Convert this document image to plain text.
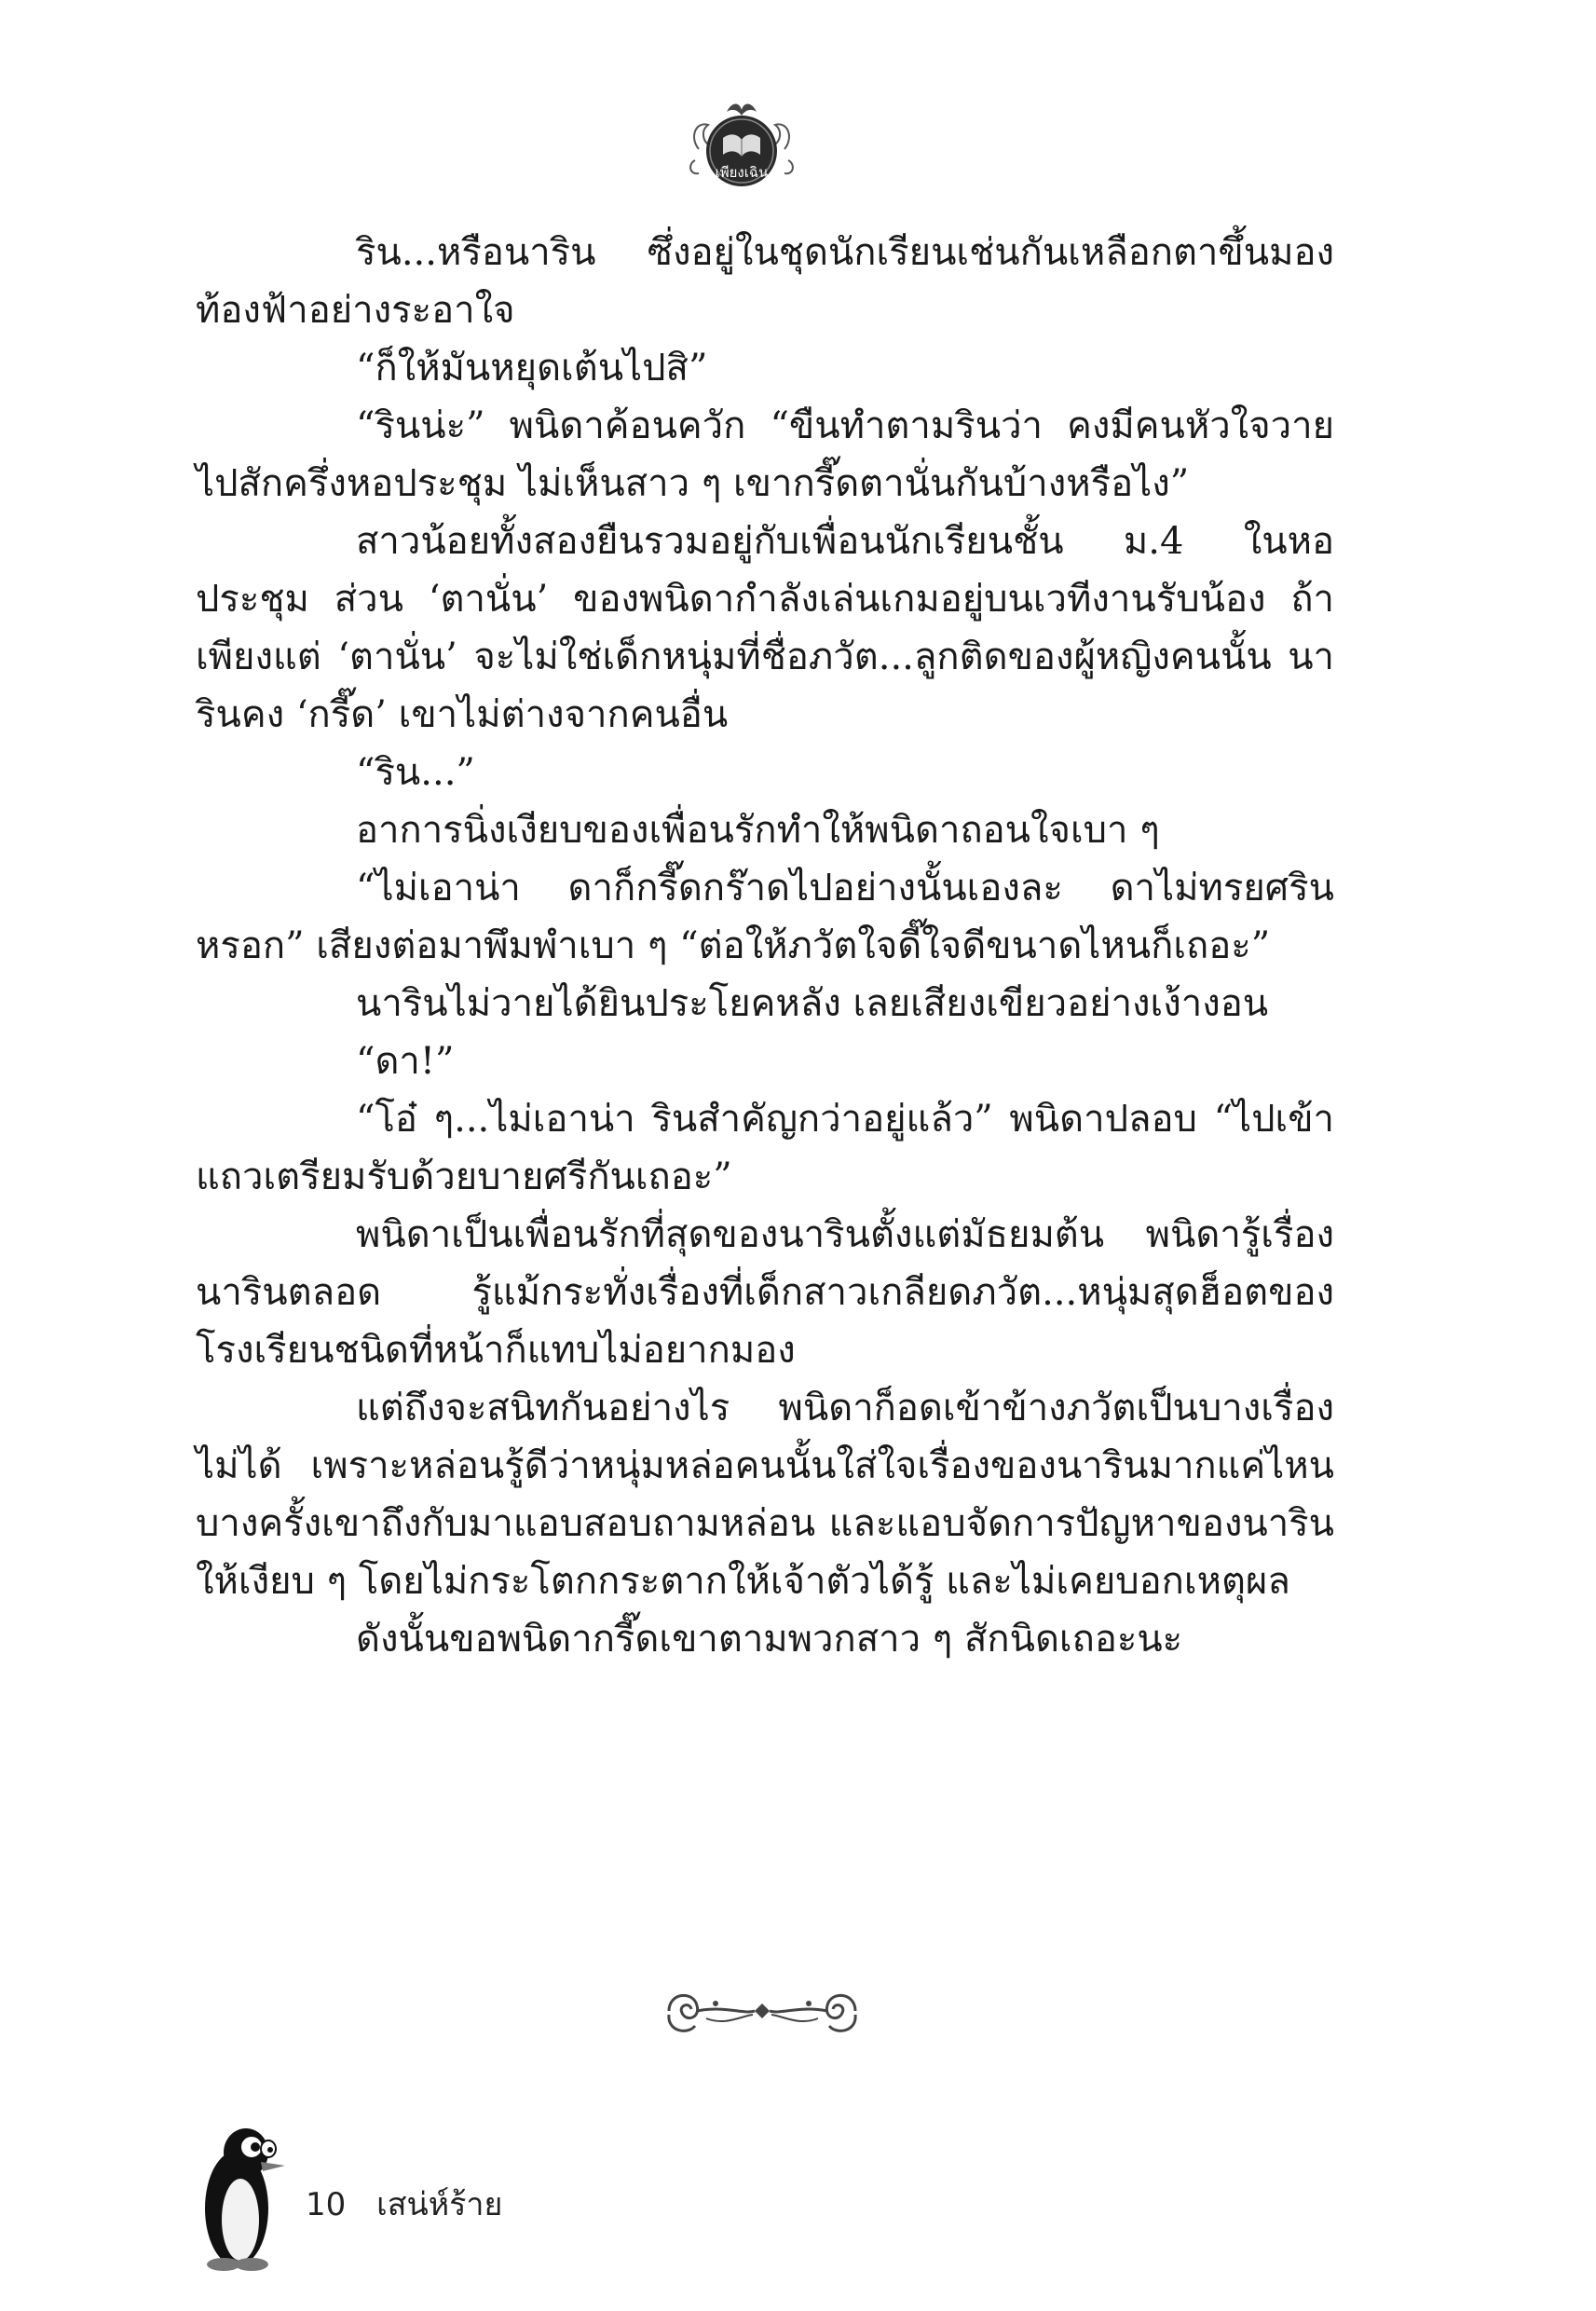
เพียงเฉิน

ริน...หรือนาริน ซึ่งอยู่ในชุดนักเรียนเช่นกันเหลือกตาขึ้นมองท้องฟ้าอย่างระอาใจ

“ก็ให้มันหยุดเต้นไปสิ”

“รินน่ะ” พนิดาค้อนควัก “ขืนทำตามรินว่า คงมีคนหัวใจวายไปสักครึ่งหอประชุม ไม่เห็นสาว ๆ เขากรี๊ดตานั่นกันบ้างหรือไง”

สาวน้อยทั้งสองยืนรวมอยู่กับเพื่อนนักเรียนชั้น ม.4 ในหอประชุม ส่วน ‘ตานั่น’ ของพนิดากำลังเล่นเกมอยู่บนเวทีงานรับน้อง ถ้าเพียงแต่ ‘ตานั่น’ จะไม่ใช่เด็กหนุ่มที่ชื่อภวัต...ลูกติดของผู้หญิงคนนั้น นารินคง ‘กรี๊ด’ เขาไม่ต่างจากคนอื่น

“ริน...”

อาการนิ่งเงียบของเพื่อนรักทำให้พนิดาถอนใจเบา ๆ

“ไม่เอาน่า ดาก็กรี๊ดกร๊าดไปอย่างนั้นเองละ ดาไม่ทรยศรินหรอก” เสียงต่อมาพึมพำเบา ๆ “ต่อให้ภวัตใจดี๊ใจดีขนาดไหนก็เถอะ”

นารินไม่วายได้ยินประโยคหลัง เลยเสียงเขียวอย่างเง้างอน

“ดา!”

“โอ๋ ๆ...ไม่เอาน่า รินสำคัญกว่าอยู่แล้ว” พนิดาปลอบ “ไปเข้าแถวเตรียมรับด้วยบายศรีกันเถอะ”

พนิดาเป็นเพื่อนรักที่สุดของนารินตั้งแต่มัธยมต้น พนิดารู้เรื่องนารินตลอด รู้แม้กระทั่งเรื่องที่เด็กสาวเกลียดภวัต...หนุ่มสุดฮ็อตของโรงเรียนชนิดที่หน้าก็แทบไม่อยากมอง

แต่ถึงจะสนิทกันอย่างไร พนิดาก็อดเข้าข้างภวัตเป็นบางเรื่องไม่ได้ เพราะหล่อนรู้ดีว่าหนุ่มหล่อคนนั้นใส่ใจเรื่องของนารินมากแค่ไหน บางครั้งเขาถึงกับมาแอบสอบถามหล่อน และแอบจัดการปัญหาของนารินให้เงียบ ๆ โดยไม่กระโตกกระตากให้เจ้าตัวได้รู้ และไม่เคยบอกเหตุผล

ดังนั้นขอพนิดากรี๊ดเขาตามพวกสาว ๆ สักนิดเถอะนะ

10 เสน่ห์ร้าย
